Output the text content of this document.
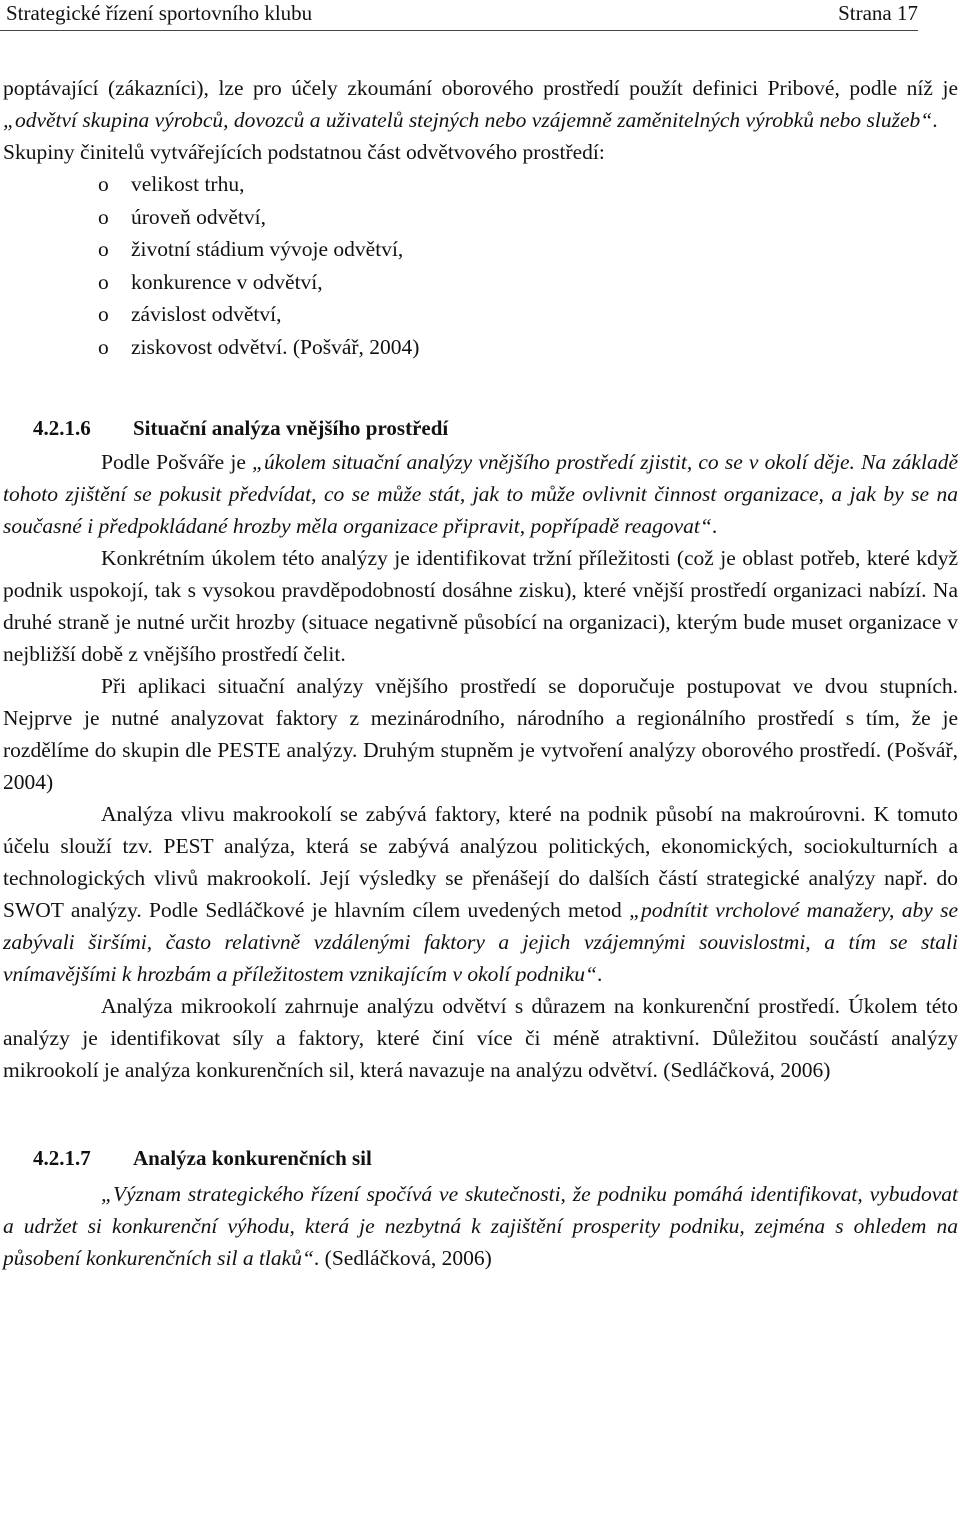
Strategické řízení sportovního klubu	Strana 17

poptávající (zákazníci), lze pro účely zkoumání oborového prostředí použít definici Pribové, podle níž je „odvětví skupina výrobců, dovozců a uživatelů stejných nebo vzájemně zaměnitelných výrobků nebo služeb“.

Skupiny činitelů vytvářejících podstatnou část odvětvového prostředí:

o velikost trhu,
o úroveň odvětví,
o životní stádium vývoje odvětví,
o konkurence v odvětví,
o závislost odvětví,
o ziskovost odvětví. (Pošvář, 2004)
4.2.1.6 Situační analýza vnějšího prostředí

Podle Pošváře je „úkolem situační analýzy vnějšího prostředí zjistit, co se v okolí děje. Na základě tohoto zjištění se pokusit předvídat, co se může stát, jak to může ovlivnit činnost organizace, a jak by se na současné i předpokládané hrozby měla organizace připravit, popřípadě reagovat“.

Konkrétním úkolem této analýzy je identifikovat tržní příležitosti (což je oblast potřeb, které když podnik uspokojí, tak s vysokou pravděpodobností dosáhne zisku), které vnější prostředí organizaci nabízí. Na druhé straně je nutné určit hrozby (situace negativně působící na organizaci), kterým bude muset organizace v nejbližší době z vnějšího prostředí čelit.

Při aplikaci situační analýzy vnějšího prostředí se doporučuje postupovat ve dvou stupních. Nejprve je nutné analyzovat faktory z mezinárodního, národního a regionálního prostředí s tím, že je rozdělíme do skupin dle PESTE analýzy. Druhým stupněm je vytvoření analýzy oborového prostředí. (Pošvář, 2004)

Analýza vlivu makrookolí se zabývá faktory, které na podnik působí na makroúrovni. K tomuto účelu slouží tzv. PEST analýza, která se zabývá analýzou politických, ekonomických, sociokulturních a technologických vlivů makrookolí. Její výsledky se přenášejí do dalších částí strategické analýzy např. do SWOT analýzy. Podle Sedláčkové je hlavním cílem uvedených metod „podnítit vrcholové manažery, aby se zabývali širšími, často relativně vzdálenými faktory a jejich vzájemnými souvislostmi, a tím se stali vnímavějšími k hrozbám a příležitostem vznikajícím v okolí podniku“.

Analýza mikrookolí zahrnuje analýzu odvětví s důrazem na konkurenční prostředí. Úkolem této analýzy je identifikovat síly a faktory, které činí více či méně atraktivní. Důležitou součástí analýzy mikrookolí je analýza konkurenčních sil, která navazuje na analýzu odvětví. (Sedláčková, 2006)

4.2.1.7 Analýza konkurenčních sil

„Význam strategického řízení spočívá ve skutečnosti, že podniku pomáhá identifikovat, vybudovat a udržet si konkurenční výhodu, která je nezbytná k zajištění prosperity podniku, zejména s ohledem na působení konkurenčních sil a tlaků“. (Sedláčková, 2006)
